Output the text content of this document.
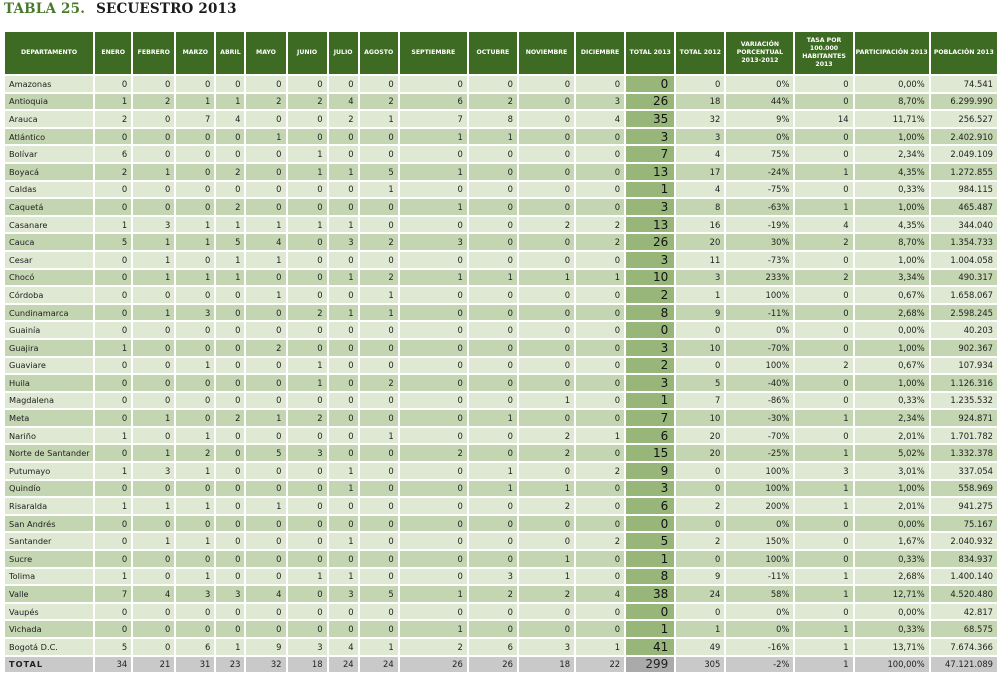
TABLA 25. SECUESTRO 2013
DEPARTAMENTO	ENERO	FEBRERO	MARZO	ABRIL	MAYO	JUNIO	JULIO	AGOSTO	SEPTIEMBRE	OCTUBRE	NOVIEMBRE	DICIEMBRE	TOTAL 2013	TOTAL 2012	VARIACIÓN PORCENTUAL 2013-2012	TASA POR 100.000 HABITANTES 2013	PARTICIPACIÓN 2013	POBLACIÓN 2013
Amazonas	0	0	0	0	0	0	0	0	0	0	0	0	0	0	0%	0	0,00%	74.541
Antioquia	1	2	1	1	2	2	4	2	6	2	0	3	26	18	44%	0	8,70%	6.299.990
Arauca	2	0	7	4	0	0	2	1	7	8	0	4	35	32	9%	14	11,71%	256.527
Atlántico	0	0	0	0	1	0	0	0	1	1	0	0	3	3	0%	0	1,00%	2.402.910
Bolívar	6	0	0	0	0	1	0	0	0	0	0	0	7	4	75%	0	2,34%	2.049.109
Boyacá	2	1	0	2	0	1	1	5	1	0	0	0	13	17	-24%	1	4,35%	1.272.855
Caldas	0	0	0	0	0	0	0	1	0	0	0	0	1	4	-75%	0	0,33%	984.115
Caquetá	0	0	0	2	0	0	0	0	1	0	0	0	3	8	-63%	1	1,00%	465.487
Casanare	1	3	1	1	1	1	1	0	0	0	2	2	13	16	-19%	4	4,35%	344.040
Cauca	5	1	1	5	4	0	3	2	3	0	0	2	26	20	30%	2	8,70%	1.354.733
Cesar	0	1	0	1	1	0	0	0	0	0	0	0	3	11	-73%	0	1,00%	1.004.058
Chocó	0	1	1	1	0	0	1	2	1	1	1	1	10	3	233%	2	3,34%	490.317
Córdoba	0	0	0	0	1	0	0	1	0	0	0	0	2	1	100%	0	0,67%	1.658.067
Cundinamarca	0	1	3	0	0	2	1	1	0	0	0	0	8	9	-11%	0	2,68%	2.598.245
Guainía	0	0	0	0	0	0	0	0	0	0	0	0	0	0	0%	0	0,00%	40.203
Guajira	1	0	0	0	2	0	0	0	0	0	0	0	3	10	-70%	0	1,00%	902.367
Guaviare	0	0	1	0	0	1	0	0	0	0	0	0	2	0	100%	2	0,67%	107.934
Huila	0	0	0	0	0	1	0	2	0	0	0	0	3	5	-40%	0	1,00%	1.126.316
Magdalena	0	0	0	0	0	0	0	0	0	0	1	0	1	7	-86%	0	0,33%	1.235.532
Meta	0	1	0	2	1	2	0	0	0	1	0	0	7	10	-30%	1	2,34%	924.871
Nariño	1	0	1	0	0	0	0	1	0	0	2	1	6	20	-70%	0	2,01%	1.701.782
Norte de Santander	0	1	2	0	5	3	0	0	2	0	2	0	15	20	-25%	1	5,02%	1.332.378
Putumayo	1	3	1	0	0	0	1	0	0	1	0	2	9	0	100%	3	3,01%	337.054
Quindío	0	0	0	0	0	0	1	0	0	1	1	0	3	0	100%	1	1,00%	558.969
Risaralda	1	1	1	0	1	0	0	0	0	0	2	0	6	2	200%	1	2,01%	941.275
San Andrés	0	0	0	0	0	0	0	0	0	0	0	0	0	0	0%	0	0,00%	75.167
Santander	0	1	1	0	0	0	1	0	0	0	0	2	5	2	150%	0	1,67%	2.040.932
Sucre	0	0	0	0	0	0	0	0	0	0	1	0	1	0	100%	0	0,33%	834.937
Tolima	1	0	1	0	0	1	1	0	0	3	1	0	8	9	-11%	1	2,68%	1.400.140
Valle	7	4	3	3	4	0	3	5	1	2	2	4	38	24	58%	1	12,71%	4.520.480
Vaupés	0	0	0	0	0	0	0	0	0	0	0	0	0	0	0%	0	0,00%	42.817
Vichada	0	0	0	0	0	0	0	0	1	0	0	0	1	1	0%	1	0,33%	68.575
Bogotá D.C.	5	0	6	1	9	3	4	1	2	6	3	1	41	49	-16%	1	13,71%	7.674.366
TOTAL	34	21	31	23	32	18	24	24	26	26	18	22	299	305	-2%	1	100,00%	47.121.089
